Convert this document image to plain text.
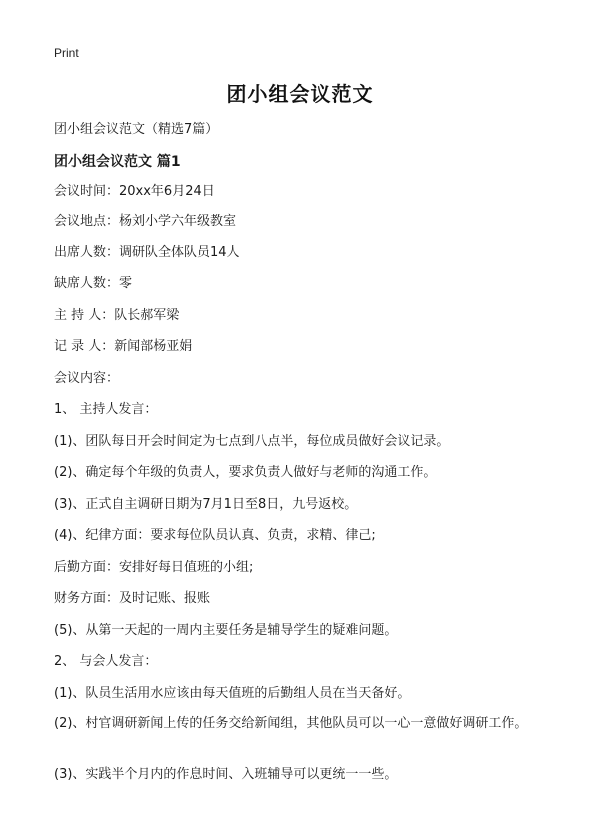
Print
团小组会议范文
团小组会议范文（精选7篇）
团小组会议范文 篇1
会议时间：20xx年6月24日
会议地点：杨刘小学六年级教室
出席人数：调研队全体队员14人
缺席人数：零
主 持 人：队长郝军梁
记 录 人：新闻部杨亚娟
会议内容：
1、 主持人发言：
(1)、团队每日开会时间定为七点到八点半，每位成员做好会议记录。
(2)、确定每个年级的负责人，要求负责人做好与老师的沟通工作。
(3)、正式自主调研日期为7月1日至8日，九号返校。
(4)、纪律方面：要求每位队员认真、负责，求精、律己;
后勤方面：安排好每日值班的小组;
财务方面：及时记账、报账
(5)、从第一天起的一周内主要任务是辅导学生的疑难问题。
2、 与会人发言：
(1)、队员生活用水应该由每天值班的后勤组人员在当天备好。
(2)、村官调研新闻上传的任务交给新闻组，其他队员可以一心一意做好调研工作。
(3)、实践半个月内的作息时间、入班辅导可以更统一一些。
